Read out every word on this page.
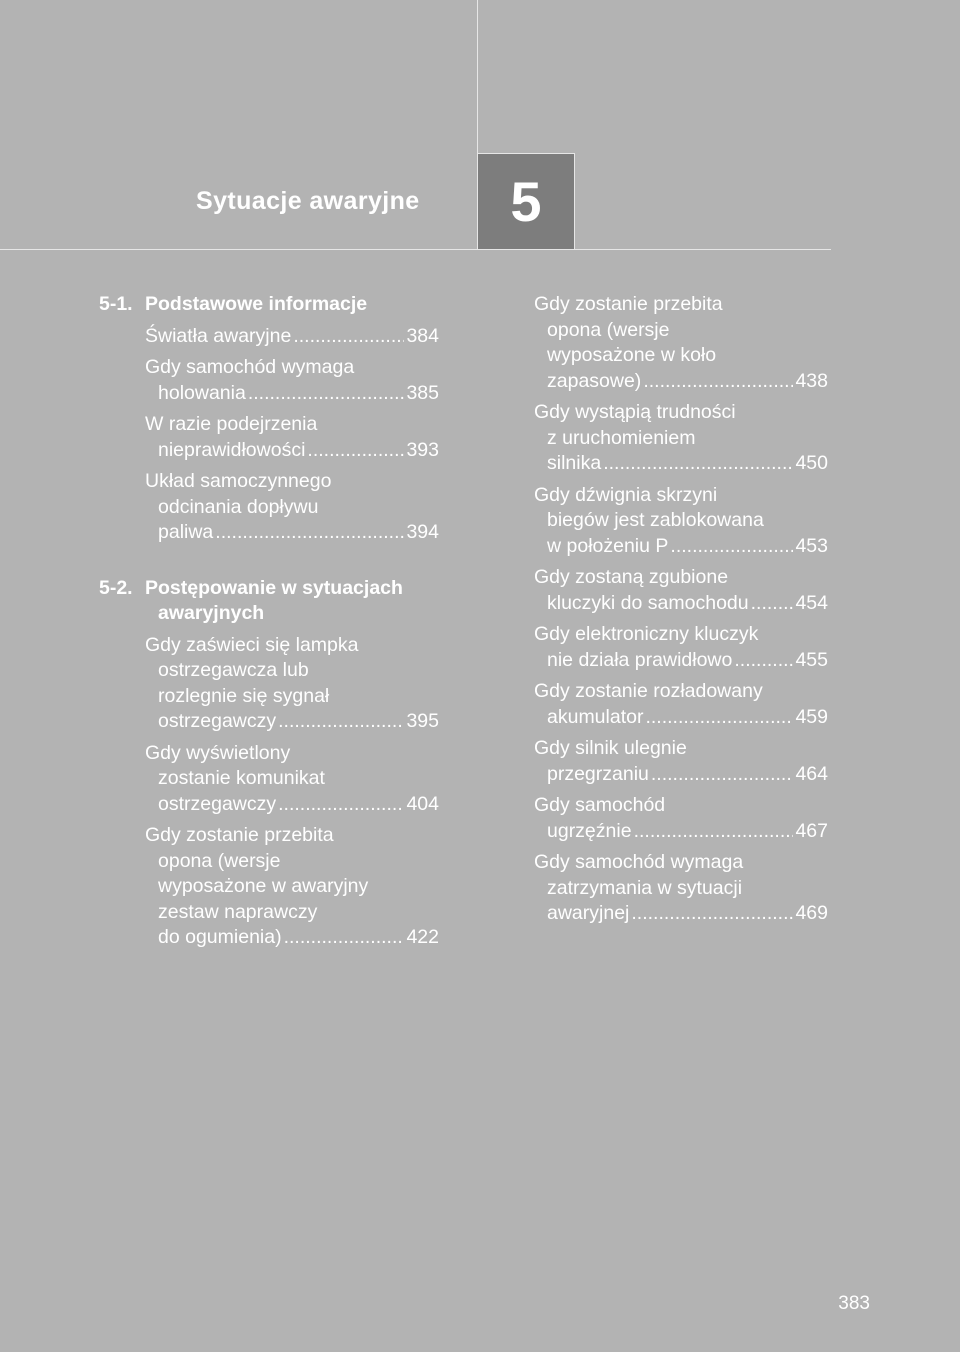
Sytuacje awaryjne	5
5-1. Podstawowe informacje
Światła awaryjne .....	384
Gdy samochód wymaga
holowania .....	385
W razie podejrzenia
nieprawidłowości .....	393
Układ samoczynnego
odcinania dopływu
paliwa .....	394
5-2. Postępowanie w sytuacjach awaryjnych
Gdy zaświeci się lampka
ostrzegawcza lub
rozlegnie się sygnał
ostrzegawczy .....	395
Gdy wyświetlony
zostanie komunikat
ostrzegawczy .....	404
Gdy zostanie przebita
opona (wersje
wyposażone w awaryjny
zestaw naprawczy
do ogumienia) .....	422
Gdy zostanie przebita
opona (wersje
wyposażone w koło
zapasowe) .....	438
Gdy wystąpią trudności
z uruchomieniem
silnika .....	450
Gdy dźwignia skrzyni
biegów jest zablokowana
w położeniu P .....	453
Gdy zostaną zgubione
kluczyki do samochodu ..... 454
Gdy elektroniczny kluczyk
nie działa prawidłowo .....	455
Gdy zostanie rozładowany
akumulator .....	459
Gdy silnik ulegnie
przegrzaniu .....	464
Gdy samochód
ugrzęźnie .....	467
Gdy samochód wymaga
zatrzymania w sytuacji
awaryjnej .....	469
383
